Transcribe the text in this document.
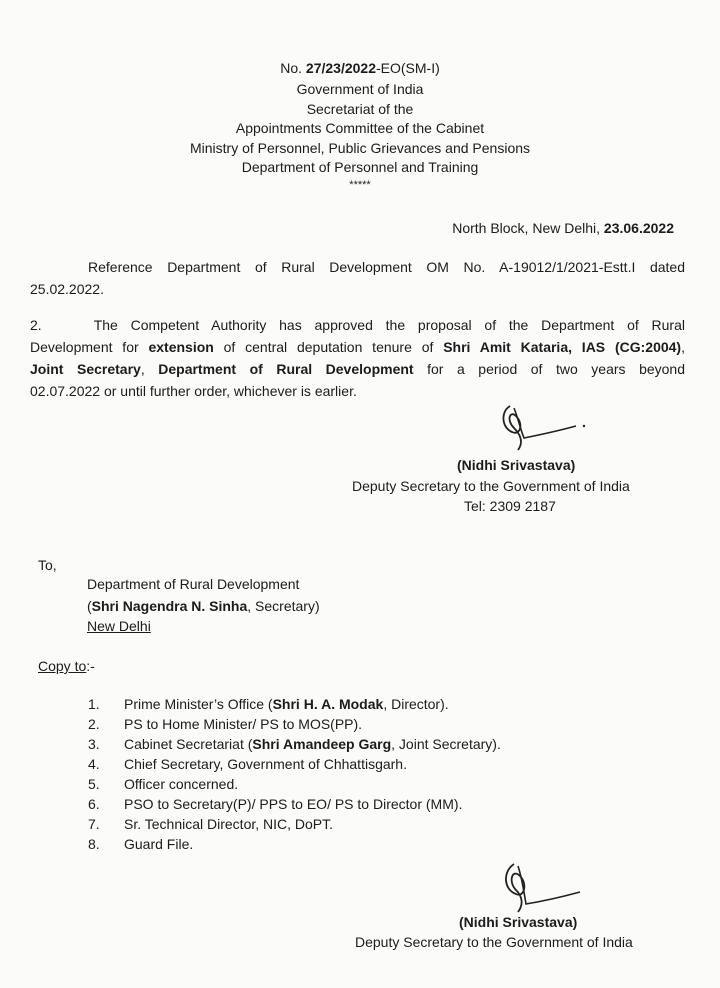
No. 27/23/2022-EO(SM-I)
Government of India
Secretariat of the
Appointments Committee of the Cabinet
Ministry of Personnel, Public Grievances and Pensions
Department of Personnel and Training
*****
North Block, New Delhi, 23.06.2022
Reference Department of Rural Development OM No. A-19012/1/2021-Estt.I dated
25.02.2022.
2.	The Competent Authority has approved the proposal of the Department of Rural
Development for extension of central deputation tenure of Shri Amit Kataria, IAS (CG:2004),
Joint Secretary, Department of Rural Development for a period of two years beyond
02.07.2022 or until further order, whichever is earlier.
(Nidhi Srivastava)
Deputy Secretary to the Government of India
Tel: 2309 2187
To,
Department of Rural Development
(Shri Nagendra N. Sinha, Secretary)
New Delhi
Copy to:-
1.	Prime Minister’s Office (Shri H. A. Modak, Director).
2.	PS to Home Minister/ PS to MOS(PP).
3.	Cabinet Secretariat (Shri Amandeep Garg, Joint Secretary).
4.	Chief Secretary, Government of Chhattisgarh.
5.	Officer concerned.
6.	PSO to Secretary(P)/ PPS to EO/ PS to Director (MM).
7.	Sr. Technical Director, NIC, DoPT.
8.	Guard File.
(Nidhi Srivastava)
Deputy Secretary to the Government of India
